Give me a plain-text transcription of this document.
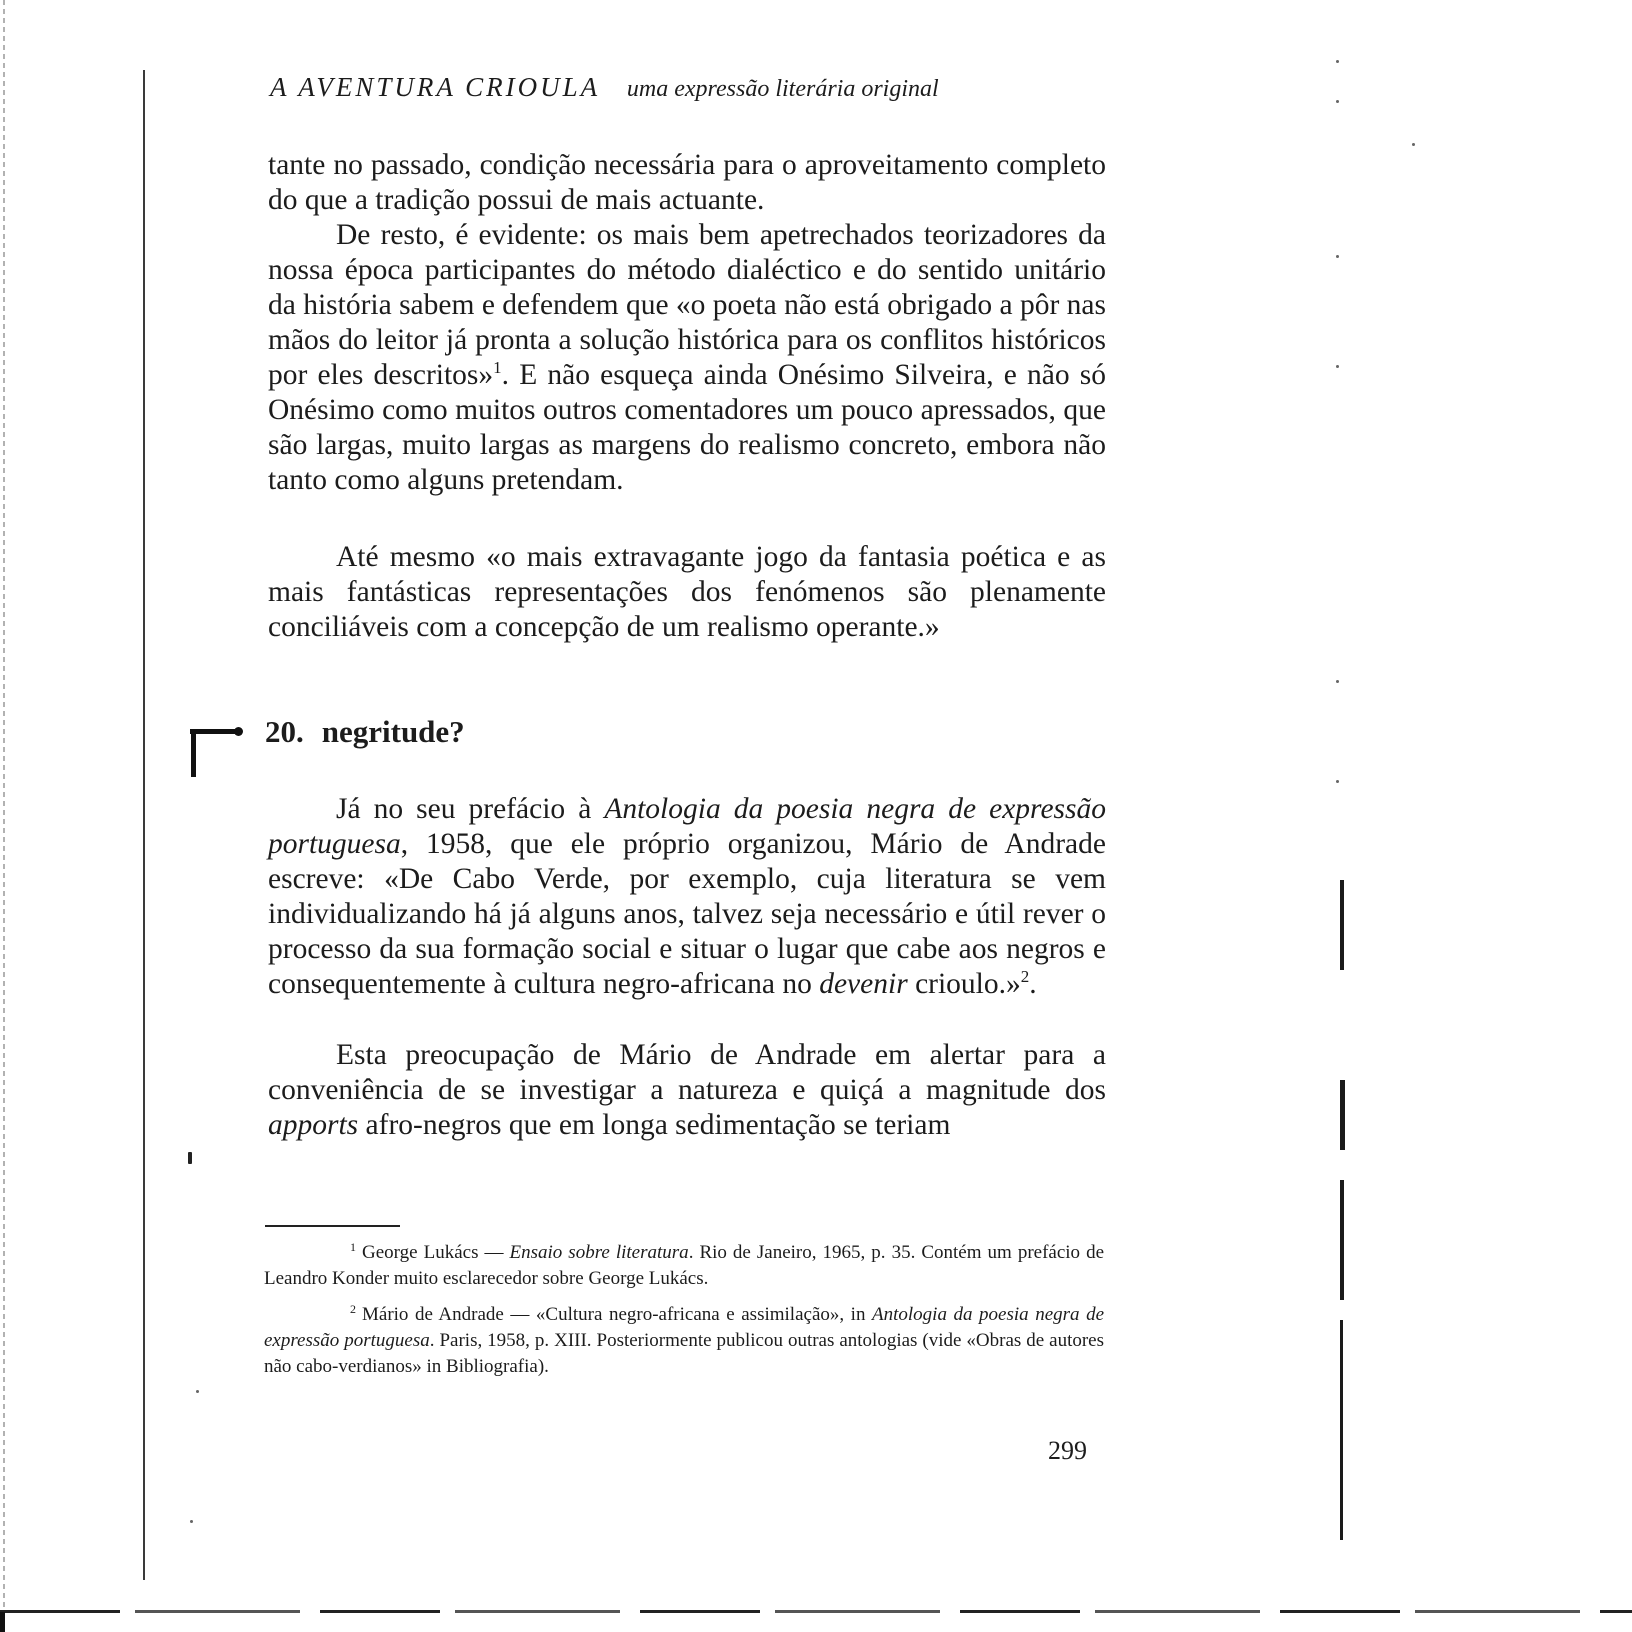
A AVENTURA CRIOULA uma expressão literária original

tante no passado, condição necessária para o aproveitamento completo do que a tradição possui de mais actuante.

De resto, é evidente: os mais bem apetrechados teorizadores da nossa época participantes do método dialéctico e do sentido unitário da história sabem e defendem que «o poeta não está obrigado a pôr nas mãos do leitor já pronta a solução histórica para os conflitos históricos por eles descritos»$^1$. E não esqueça ainda Onésimo Silveira, e não só Onésimo como muitos outros comentadores um pouco apressados, que são largas, muito largas as margens do realismo concreto, embora não tanto como alguns pretendam.

Até mesmo «o mais extravagante jogo da fantasia poética e as mais fantásticas representações dos fenómenos são plenamente conciliáveis com a concepção de um realismo operante.»

20. negritude?

Já no seu prefácio à Antologia da poesia negra de expressão portuguesa, 1958, que ele próprio organizou, Mário de Andrade escreve: «De Cabo Verde, por exemplo, cuja literatura se vem individualizando há já alguns anos, talvez seja necessário e útil rever o processo da sua formação social e situar o lugar que cabe aos negros e consequentemente à cultura negro-africana no devenir crioulo.»$^2$.

Esta preocupação de Mário de Andrade em alertar para a conveniência de se investigar a natureza e quiçá a magnitude dos apports afro-negros que em longa sedimentação se teriam

$^1$ George Lukács — Ensaio sobre literatura. Rio de Janeiro, 1965, p. 35. Contém um prefácio de Leandro Konder muito esclarecedor sobre George Lukács.

$^2$ Mário de Andrade — «Cultura negro-africana e assimilação», in Antologia da poesia negra de expressão portuguesa. Paris, 1958, p. XIII. Posteriormente publicou outras antologias (vide «Obras de autores não cabo-verdianos» in Bibliografia).

299
